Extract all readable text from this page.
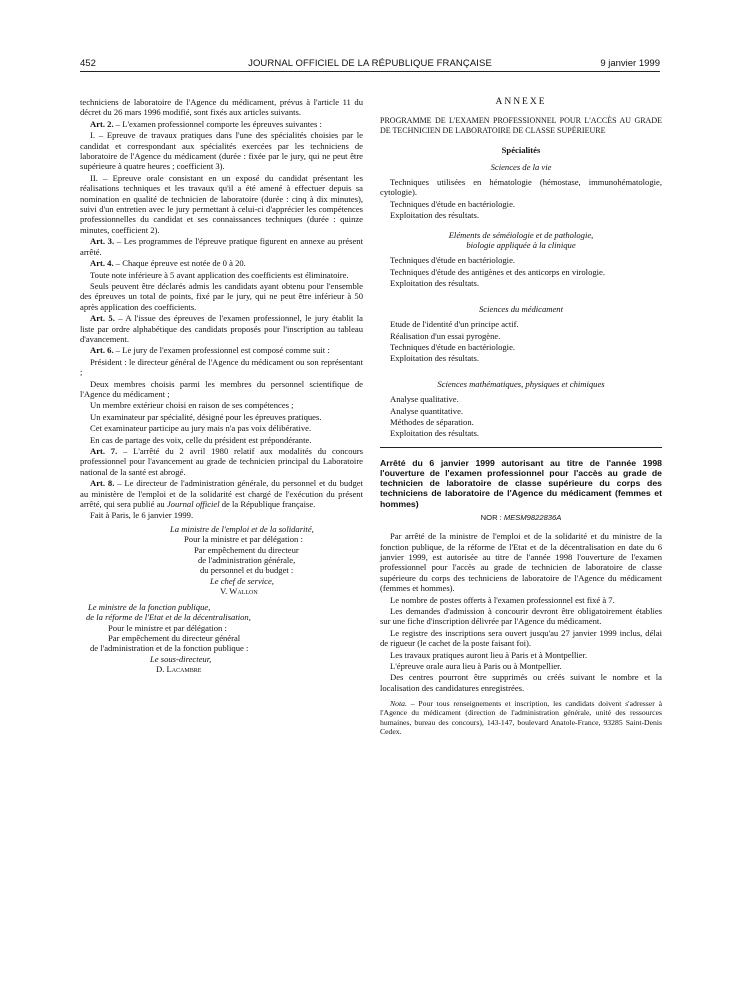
452	JOURNAL OFFICIEL DE LA RÉPUBLIQUE FRANÇAISE	9 janvier 1999

techniciens de laboratoire de l'Agence du médicament, prévus à l'article 11 du décret du 26 mars 1996 modifié, sont fixés aux articles suivants.

Art. 2. – L'examen professionnel comporte les épreuves suivantes :

I. – Epreuve de travaux pratiques dans l'une des spécialités choisies par le candidat et correspondant aux spécialités exercées par les techniciens de laboratoire de l'Agence du médicament (durée : fixée par le jury, qui ne peut être supérieure à quatre heures ; coefficient 3).

II. – Epreuve orale consistant en un exposé du candidat présentant les réalisations techniques et les travaux qu'il a été amené à effectuer depuis sa nomination en qualité de technicien de laboratoire (durée : cinq à dix minutes), suivi d'un entretien avec le jury permettant à celui-ci d'apprécier les compétences professionnelles du candidat et ses connaissances techniques (durée : quinze minutes, coefficient 2).

Art. 3. – Les programmes de l'épreuve pratique figurent en annexe au présent arrêté.

Art. 4. – Chaque épreuve est notée de 0 à 20.

Toute note inférieure à 5 avant application des coefficients est éliminatoire.

Seuls peuvent être déclarés admis les candidats ayant obtenu pour l'ensemble des épreuves un total de points, fixé par le jury, qui ne peut être inférieur à 50 après application des coefficients.

Art. 5. – A l'issue des épreuves de l'examen professionnel, le jury établit la liste par ordre alphabétique des candidats proposés pour l'inscription au tableau d'avancement.

Art. 6. – Le jury de l'examen professionnel est composé comme suit :

Président : le directeur général de l'Agence du médicament ou son représentant ;

Deux membres choisis parmi les membres du personnel scientifique de l'Agence du médicament ;

Un membre extérieur choisi en raison de ses compétences ;

Un examinateur par spécialité, désigné pour les épreuves pratiques.

Cet examinateur participe au jury mais n'a pas voix délibérative.

En cas de partage des voix, celle du président est prépondérante.

Art. 7. – L'arrêté du 2 avril 1980 relatif aux modalités du concours professionnel pour l'avancement au grade de technicien principal du Laboratoire national de la santé est abrogé.

Art. 8. – Le directeur de l'administration générale, du personnel et du budget au ministère de l'emploi et de la solidarité est chargé de l'exécution du présent arrêté, qui sera publié au Journal officiel de la République française.

Fait à Paris, le 6 janvier 1999.

La ministre de l'emploi et de la solidarité,

Pour la ministre et par délégation :

Par empêchement du directeur

de l'administration générale,

du personnel et du budget :

Le chef de service,

V. Wallon

Le ministre de la fonction publique,

de la réforme de l'Etat et de la décentralisation,

Pour le ministre et par délégation :

Par empêchement du directeur général

de l'administration et de la fonction publique :

Le sous-directeur,

D. Lacambre

ANNEXE

PROGRAMME DE L'EXAMEN PROFESSIONNEL POUR L'ACCÈS AU GRADE DE TECHNICIEN DE LABORATOIRE DE CLASSE SUPÉRIEURE

Spécialités

Sciences de la vie

Techniques utilisées en hématologie (hémostase, immunohématologie, cytologie).

Techniques d'étude en bactériologie.

Exploitation des résultats.

Eléments de séméiologie et de pathologie,

biologie appliquée à la clinique

Techniques d'étude en bactériologie.

Techniques d'étude des antigènes et des anticorps en virologie.

Exploitation des résultats.

Sciences du médicament

Etude de l'identité d'un principe actif.

Réalisation d'un essai pyrogène.

Techniques d'étude en bactériologie.

Exploitation des résultats.

Sciences mathématiques, physiques et chimiques

Analyse qualitative.

Analyse quantitative.

Méthodes de séparation.

Exploitation des résultats.

Arrêté du 6 janvier 1999 autorisant au titre de l'année 1998 l'ouverture de l'examen professionnel pour l'accès au grade de technicien de laboratoire de classe supérieure du corps des techniciens de laboratoire de l'Agence du médicament (femmes et hommes)

NOR : MESM9822836A

Par arrêté de la ministre de l'emploi et de la solidarité et du ministre de la fonction publique, de la réforme de l'Etat et de la décentralisation en date du 6 janvier 1999, est autorisée au titre de l'année 1998 l'ouverture de l'examen professionnel pour l'accès au grade de technicien de laboratoire de classe supérieure du corps des techniciens de laboratoire de l'Agence du médicament (femmes et hommes).

Le nombre de postes offerts à l'examen professionnel est fixé à 7.

Les demandes d'admission à concourir devront être obligatoirement établies sur une fiche d'inscription délivrée par l'Agence du médicament.

Le registre des inscriptions sera ouvert jusqu'au 27 janvier 1999 inclus, délai de rigueur (le cachet de la poste faisant foi).

Les travaux pratiques auront lieu à Paris et à Montpellier.

L'épreuve orale aura lieu à Paris ou à Montpellier.

Des centres pourront être supprimés ou créés suivant le nombre et la localisation des candidatures enregistrées.

Nota. – Pour tous renseignements et inscription, les candidats doivent s'adresser à l'Agence du médicament (direction de l'administration générale, unité des ressources humaines, bureau des concours), 143-147, boulevard Anatole-France, 93285 Saint-Denis Cedex.
